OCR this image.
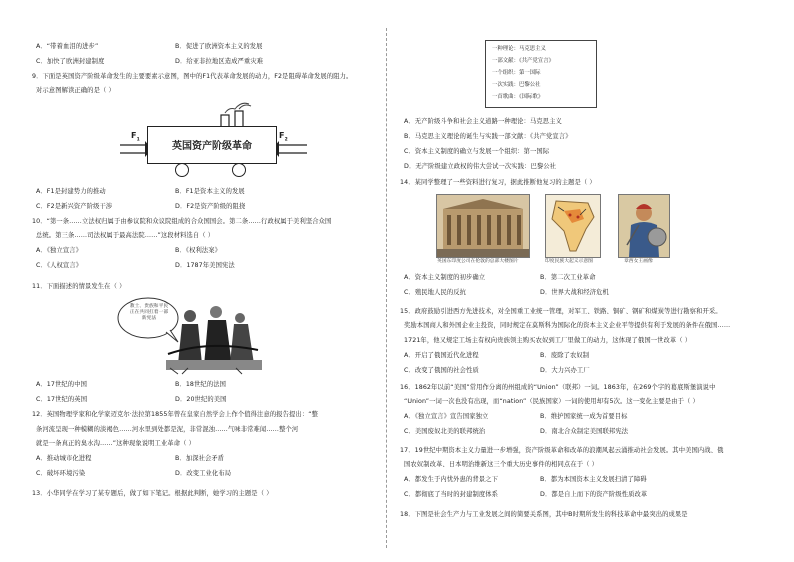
A．“带着血泪的进步”	B．促进了欧洲资本主义的发展
C．加快了欧洲封建制度	D．给亚非拉地区造成严重灾难
9．下面是英国资产阶级革命发生的主要要素示意图，图中的F1代表革命发展的动力，F2是阻碍革命发展的阻力。
对示意图解读正确的是（ ）
$F_1$
$F_2$
英国资产阶级革命
A．F1是封建势力的推动	B．F1是资本主义的发展
C．F2是新兴资产阶级干涉	D．F2是资产阶级的阻挠
10．“第一条……立法权归属于由参议院和众议院组成的合众国国会。第二条……行政权属于美利坚合众国
总统。第三条……司法权属于最高法院……”这段材料选自（ ）
A．《独立宣言》	B．《权利法案》
C．《人权宣言》	D．1787年美国宪法
11．下面描述的情景发生在（ ）
教士、贵族和平民正在共同扛着一部新宪法
A．17世纪的中国	B．18世纪的法国
C．17世纪的英国	D．20世纪的美国
12．英国物理学家和化学家迈克尔·法拉第1855年曾在皇家自然学会上作个值得注意的报告提出：“整
条河流呈现一种模糊的淡褐色……河水里到处都是泥，非常混浊……气味非常难闻……整个河
就是一条真正的臭水沟……”这种现象说明工业革命（ ）
A．推动城市化进程	B．加深社会矛盾
C．破坏环境污染	D．改变工业化布局
13．小华同学在学习了某专题后，做了如下笔记。根据此判断，她学习的主题是（ ）
一种理论：马克思主义
一部文献：《共产党宣言》
一个组织：第一国际
一次实践：巴黎公社
一首歌曲：《国际歌》
A．无产阶级斗争和社会主义道路一种理论：马克思主义
B．马克思主义理论的诞生与实践一部文献：《共产党宣言》
C．资本主义制度的确立与发展一个组织：第一国际
D．无产阶级建立政权的伟大尝试一次实践：巴黎公社
14．某同学整理了一些资料进行复习，据此推断他复习的主题是（ ）
英国东印度公司在伦敦的总部大楼图片	印度民族大起义示意图	章西女王画像
A．资本主义制度的初步确立	B．第二次工业革命
C．殖民地人民的反抗	D．世界大战和经济危机
15．政府鼓励引进西方先进技术，对全国重工业统一管理，对军工、铁路、铜矿、钢矿和煤炭等进行勘察和开采。
奖励本国商人和外国企业主投资，同时规定在莫斯科为国际化的资本主义企业平等提供有利于发展的条件在俄国……
1721年，他又规定工场主有权向贵族领主购买农奴到工厂里做工的动力，这体现了俄国一世改革（ ）
A．开启了俄国近代化进程	B．废除了农奴制
C．改变了俄国的社会性质	D．大力兴办工厂
16．1862年以前“美国”常用作分离的州组成的“Union”（联邦）一词。1863年，在269个字的葛底斯堡演说中
“Union”一词一次也没有出现，而“nation”（民族国家）一词的使用却有5次。这一变化主要是由于（ ）
A．《独立宣言》宣告国家独立	B．维护国家统一成为首要目标
C．美国废奴北美的联邦统治	D．南北合众制定美国联邦宪法
17．19世纪中期资本主义力量进一步增强，资产阶级革命和改革的浪潮风起云涌推动社会发展。其中美国内战、俄
国农奴制改革、日本明治维新这三个重大历史事件的相同点在于（ ）
A．都发生于内忧外患的背景之下	B．都为本国资本主义发展扫清了障碍
C．都彻底了当时的封建制度体系	D．都是自上而下的资产阶级性质改革
18．下图是社会生产力与工业发展之间的简要关系图，其中B时期所发生的科技革命中最突出的成果是
